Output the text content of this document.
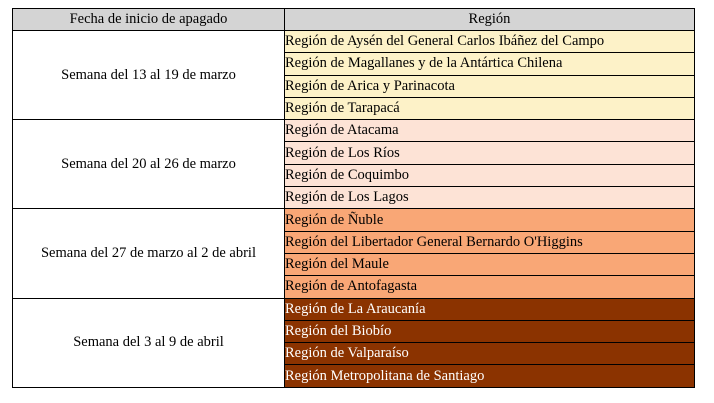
Fecha de inicio de apagado	Región
Semana del 13 al 19 de marzo	Región de Aysén del General Carlos Ibáñez del Campo
	Región de Magallanes y de la Antártica Chilena
	Región de Arica y Parinacota
	Región de Tarapacá
Semana del 20 al 26 de marzo	Región de Atacama
	Región de Los Ríos
	Región de Coquimbo
	Región de Los Lagos
Semana del 27 de marzo al 2 de abril	Región de Ñuble
	Región del Libertador General Bernardo O'Higgins
	Región del Maule
	Región de Antofagasta
Semana del 3 al 9 de abril	Región de La Araucanía
	Región del Biobío
	Región de Valparaíso
	Región Metropolitana de Santiago
